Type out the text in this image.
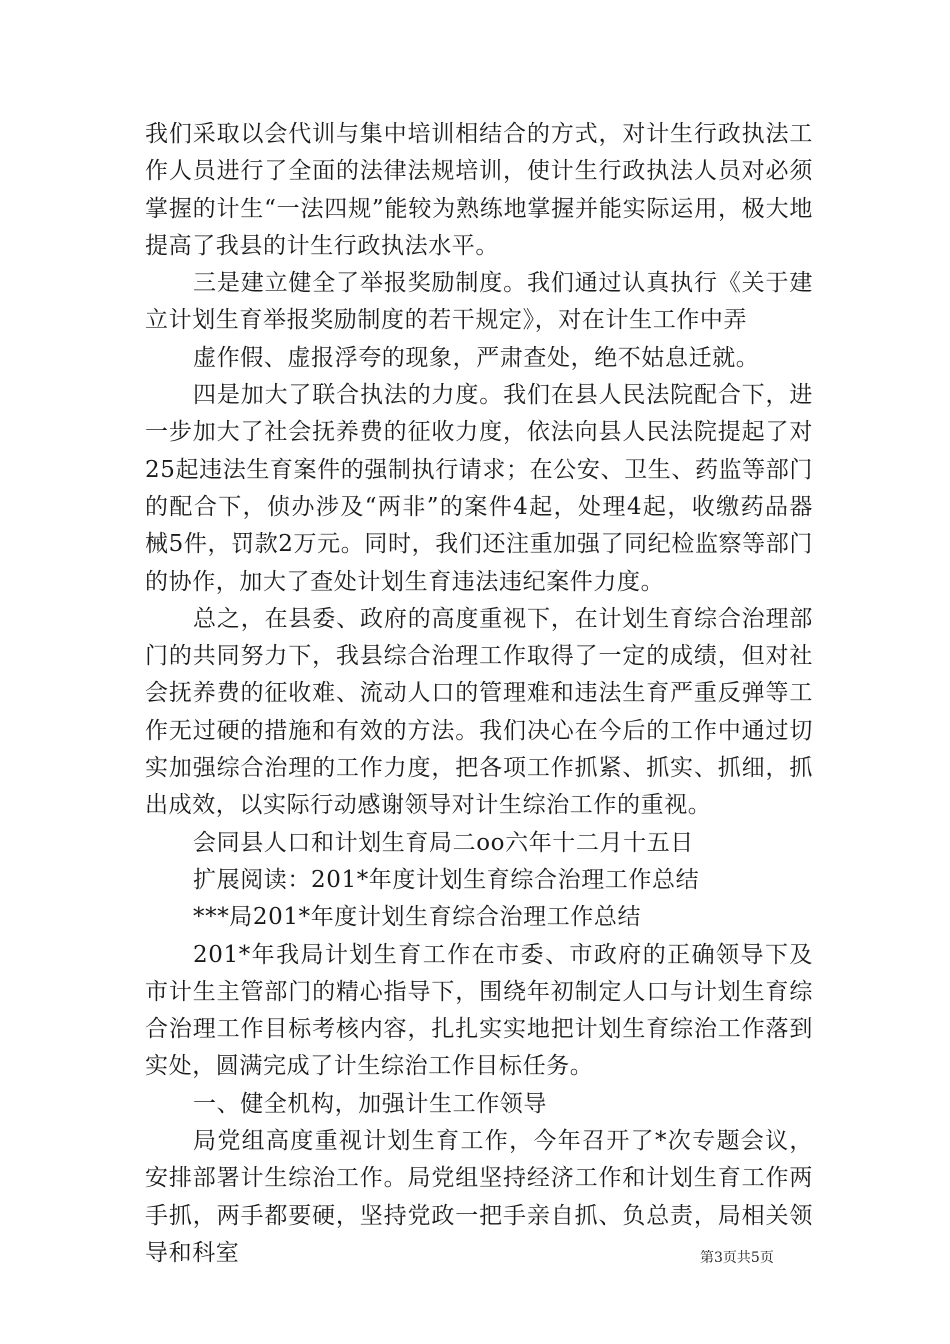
我们采取以会代训与集中培训相结合的方式，对计生行政执法工作人员进行了全面的法律法规培训，使计生行政执法人员对必须掌握的计生“一法四规”能较为熟练地掌握并能实际运用，极大地提高了我县的计生行政执法水平。

三是建立健全了举报奖励制度。我们通过认真执行《关于建立计划生育举报奖励制度的若干规定》，对在计生工作中弄

虚作假、虚报浮夸的现象，严肃查处，绝不姑息迁就。

四是加大了联合执法的力度。我们在县人民法院配合下，进一步加大了社会抚养费的征收力度，依法向县人民法院提起了对25起违法生育案件的强制执行请求；在公安、卫生、药监等部门的配合下，侦办涉及“两非”的案件4起，处理4起，收缴药品器械5件，罚款2万元。同时，我们还注重加强了同纪检监察等部门的协作，加大了查处计划生育违法违纪案件力度。

总之，在县委、政府的高度重视下，在计划生育综合治理部门的共同努力下，我县综合治理工作取得了一定的成绩，但对社会抚养费的征收难、流动人口的管理难和违法生育严重反弹等工作无过硬的措施和有效的方法。我们决心在今后的工作中通过切实加强综合治理的工作力度，把各项工作抓紧、抓实、抓细，抓出成效，以实际行动感谢领导对计生综治工作的重视。

会同县人口和计划生育局二oo六年十二月十五日

扩展阅读：201*年度计划生育综合治理工作总结

***局201*年度计划生育综合治理工作总结

201*年我局计划生育工作在市委、市政府的正确领导下及市计生主管部门的精心指导下，围绕年初制定人口与计划生育综合治理工作目标考核内容，扎扎实实地把计划生育综治工作落到实处，圆满完成了计生综治工作目标任务。

一、健全机构，加强计生工作领导

局党组高度重视计划生育工作，今年召开了*次专题会议，安排部署计生综治工作。局党组坚持经济工作和计划生育工作两手抓，两手都要硬，坚持党政一把手亲自抓、负总责，局相关领导和科室	第3页共5页
